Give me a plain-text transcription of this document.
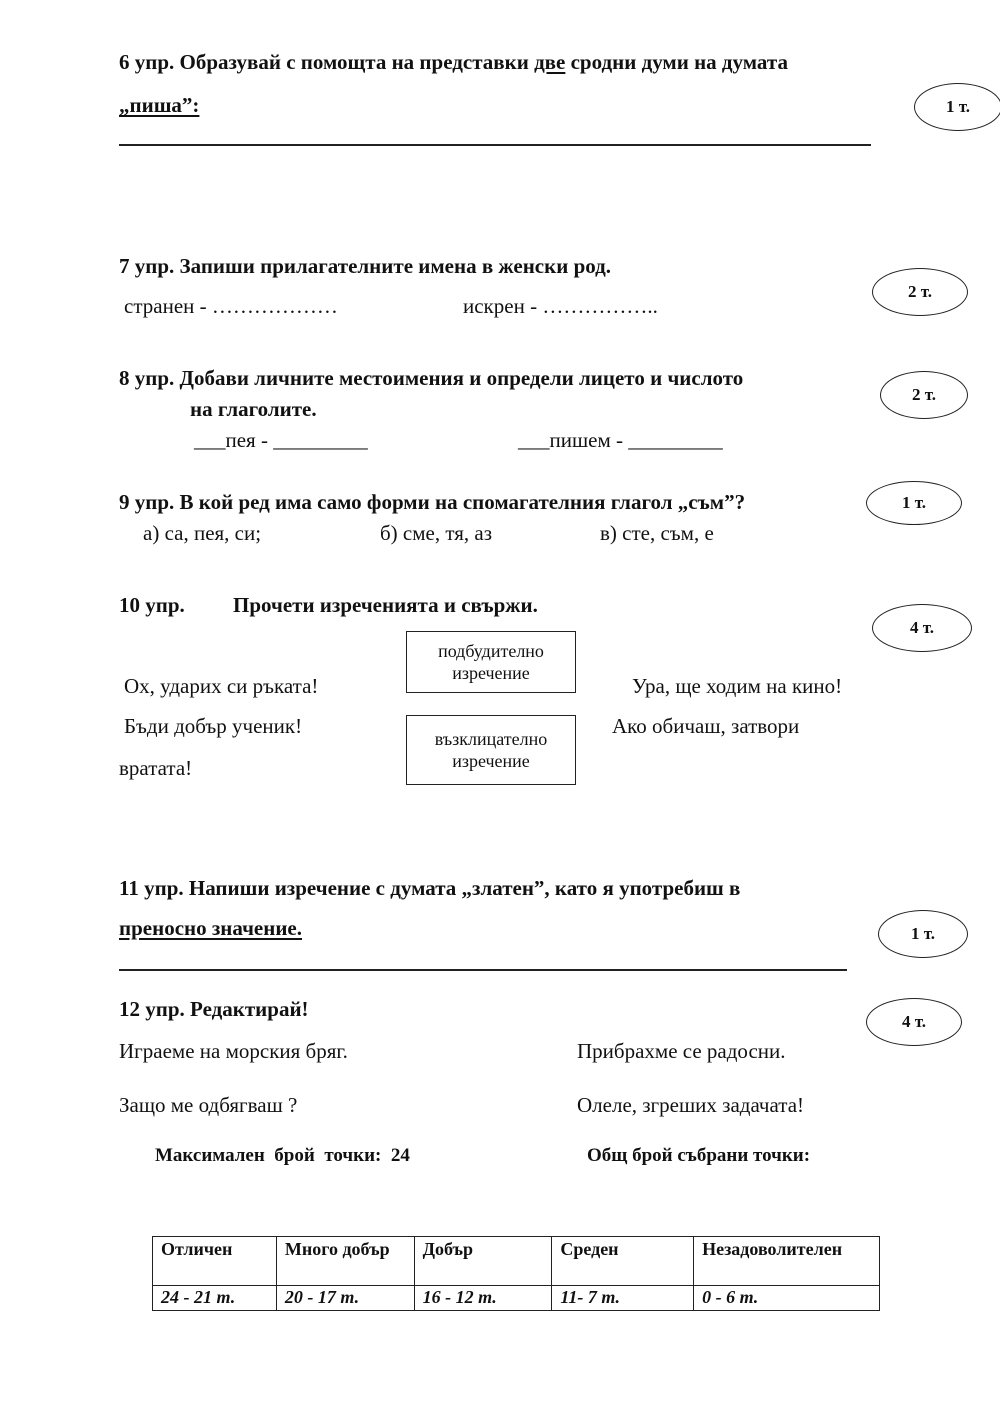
6 упр. Образувай с помощта на представки две сродни думи на думата
„пиша”:	1 т.
7 упр. Запиши прилагателните имена в женски род.
странен - ………………	искрен - ……………..
2 т.
8 упр. Добави личните местоимения и определи лицето и числото
на глаголите.
___пея - _________	___пишем - _________
2 т.
9 упр. В кой ред има само форми на спомагателния глагол „съм”?
а) са, пея, си;	б) сме, тя, аз	в) сте, съм, е
1 т.
10 упр. Прочети изреченията и свържи.
4 т.
подбудително изречение
възклицателно изречение
Ох, ударих си ръката!
Бъди добър ученик!
Ура, ще ходим на кино!
Ако обичаш, затвори
вратата!
11 упр. Напиши изречение с думата „златен”, като я употребиш в
преносно значение.	1 т.
12 упр. Редактирай!
4 т.
Играеме на морския бряг.	Прибрахме се радосни.
Защо ме одбягваш ?	Олеле, згреших задачата!
Максимален  брой  точки:  24	Общ брой събрани точки:
Отличен	Много добър	Добър	Среден	Незадоволителен
24 - 21 т.	20 - 17 т.	16 - 12 т.	11- 7 т.	0 - 6 т.
